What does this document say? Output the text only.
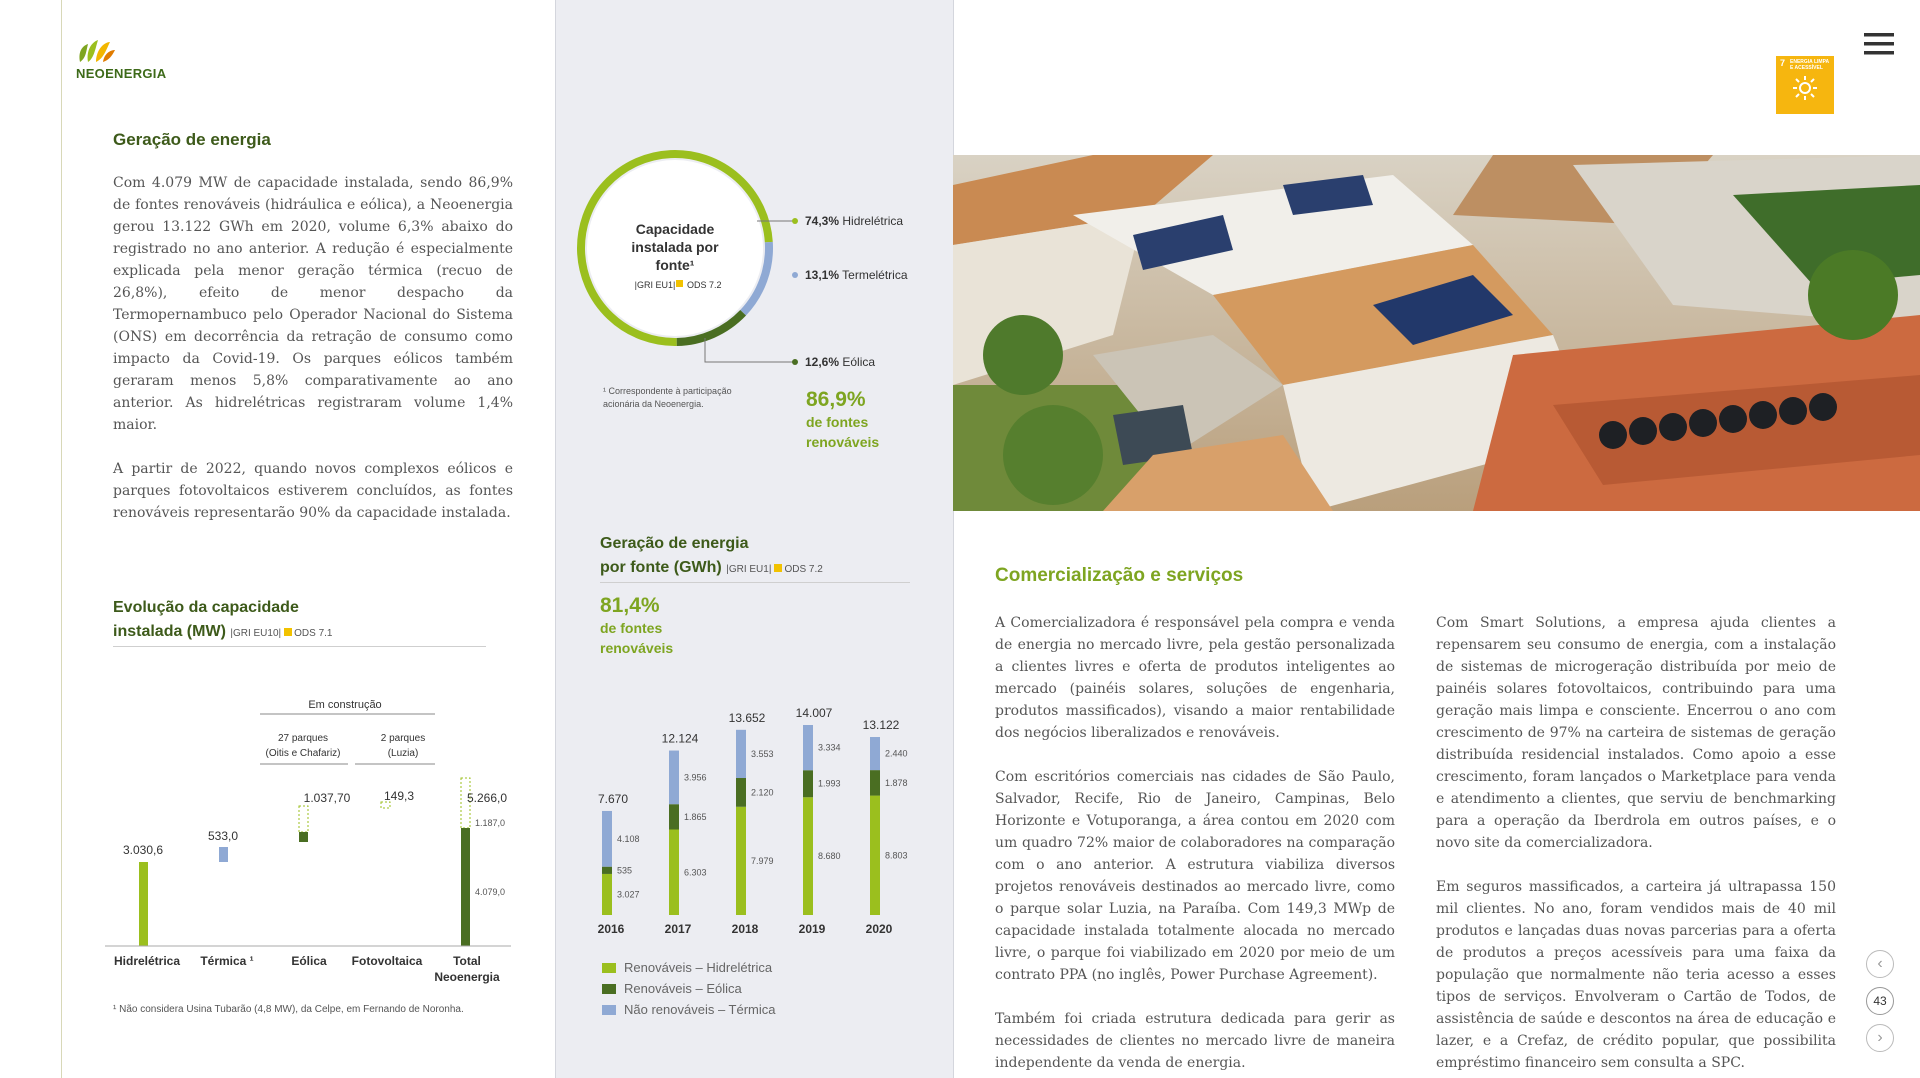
NEOENERGIA
Geração de energia

Com 4.079 MW de capacidade instalada, sendo 86,9% de fontes renováveis (hidráulica e eólica), a Neoenergia gerou 13.122 GWh em 2020, volume 6,3% abaixo do registrado no ano anterior. A redução é especialmente explicada pela menor geração térmica (recuo de 26,8%), efeito de menor despacho da Termopernambuco pelo Operador Nacional do Sistema (ONS) em decorrência da retração de consumo como impacto da Covid-19. Os parques eólicos também geraram menos 5,8% comparativamente ao ano anterior. As hidrelétricas registraram volume 1,4% maior.

A partir de 2022, quando novos complexos eólicos e parques fotovoltaicos estiverem concluídos, as fontes renováveis representarão 90% da capacidade instalada.

Evolução da capacidade
instalada (MW) |GRI EU10| ODS 7.1
Em construção
27 parques
(Oitis e Chafariz)
2 parques
(Luzia)
3.030,6
533,0
1.037,70	149,3	5.266,0
1.187,0
4.079,0
Hidrelétrica Térmica ¹	Eólica Fotovoltaica	Total Neoenergia
¹ Não considera Usina Tubarão (4,8 MW), da Celpe, em Fernando de Noronha.
Capacidade
instalada por
fonte¹
|GRI EU1| ODS 7.2
74,3% Hidrelétrica
13,1% Termelétrica
12,6% Eólica
¹ Correspondente à participação
acionária da Neoenergia.	86,9%
de fontes
renováveis
Geração de energia
por fonte (GWh) |GRI EU1| ODS 7.2
81,4%
de fontes
renováveis
3.027
535
4.108
7.670
2016
6.303
1.865
3.956
12.124
2017
7.979
2.120
3.553
13.652
2018
8.680
1.993
3.334
14.007
2019
8.803
1.878
2.440
13.122
2020
Renováveis – Hidrelétrica
Renováveis – Eólica
Não renováveis – Térmica
7 ENERGIA LIMPA
E ACESSÍVEL
Comercialização e serviços

A Comercializadora é responsável pela compra e venda de energia no mercado livre, pela gestão personalizada a clientes livres e oferta de produtos inteligentes ao mercado (painéis solares, soluções de engenharia, produtos massificados), visando a maior rentabilidade dos negócios liberalizados e renováveis.

Com escritórios comerciais nas cidades de São Paulo, Salvador, Recife, Rio de Janeiro, Campinas, Belo Horizonte e Votuporanga, a área contou em 2020 com um quadro 72% maior de colaboradores na comparação com o ano anterior. A estrutura viabiliza diversos projetos renováveis destinados ao mercado livre, como o parque solar Luzia, na Paraíba. Com 149,3 MWp de capacidade instalada totalmente alocada no mercado livre, o parque foi viabilizado em 2020 por meio de um contrato PPA (no inglês, Power Purchase Agreement).

Também foi criada estrutura dedicada para gerir as necessidades de clientes no mercado livre de maneira independente da venda de energia.

Com Smart Solutions, a empresa ajuda clientes a repensarem seu consumo de energia, com a instalação de sistemas de microgeração distribuída por meio de painéis solares fotovoltaicos, contribuindo para uma geração mais limpa e consciente. Encerrou o ano com crescimento de 97% na carteira de sistemas de geração distribuída residencial instalados. Como apoio a esse crescimento, foram lançados o Marketplace para venda e atendimento a clientes, que serviu de benchmarking para a operação da Iberdrola em outros países, e o novo site da comercializadora.

Em seguros massificados, a carteira já ultrapassa 150 mil clientes. No ano, foram vendidos mais de 40 mil produtos e lançadas duas novas parcerias para a oferta de produtos a preços acessíveis para uma faixa da população que normalmente não teria acesso a esses tipos de serviços. Envolveram o Cartão de Todos, de assistência de saúde e descontos na área de educação e lazer, e a Crefaz, de crédito popular, que possibilita empréstimo financeiro sem consulta a SPC.

‹
43
›
